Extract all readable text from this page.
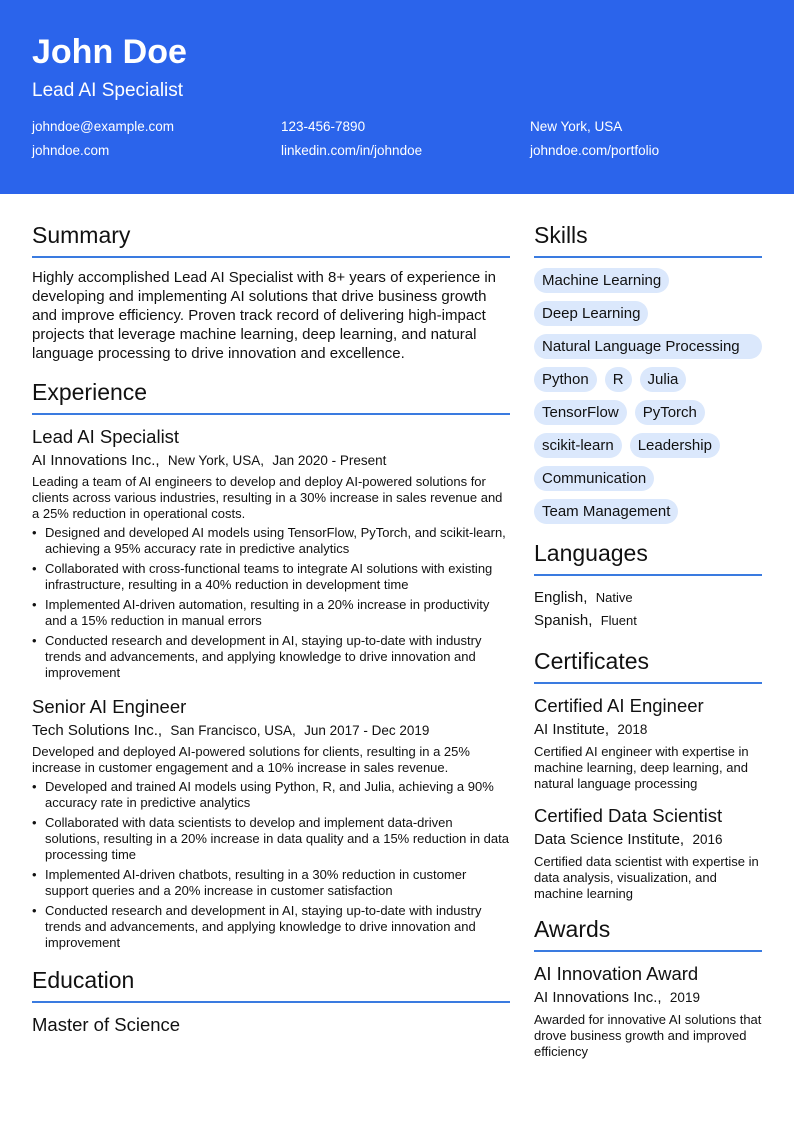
John Doe
Lead AI Specialist
johndoe@example.com	123-456-7890	New York, USA
johndoe.com	linkedin.com/in/johndoe	johndoe.com/portfolio
Summary
Highly accomplished Lead AI Specialist with 8+ years of experience in developing and implementing AI solutions that drive business growth and improve efficiency. Proven track record of delivering high-impact projects that leverage machine learning, deep learning, and natural language processing to drive innovation and excellence.
Experience
Lead AI Specialist
AI Innovations Inc., New York, USA, Jan 2020 - Present
Leading a team of AI engineers to develop and deploy AI-powered solutions for clients across various industries, resulting in a 30% increase in sales revenue and a 25% reduction in operational costs.
• Designed and developed AI models using TensorFlow, PyTorch, and scikit-learn, achieving a 95% accuracy rate in predictive analytics
• Collaborated with cross-functional teams to integrate AI solutions with existing infrastructure, resulting in a 40% reduction in development time
• Implemented AI-driven automation, resulting in a 20% increase in productivity and a 15% reduction in manual errors
• Conducted research and development in AI, staying up-to-date with industry trends and advancements, and applying knowledge to drive innovation and improvement
Senior AI Engineer
Tech Solutions Inc., San Francisco, USA, Jun 2017 - Dec 2019
Developed and deployed AI-powered solutions for clients, resulting in a 25% increase in customer engagement and a 10% increase in sales revenue.
• Developed and trained AI models using Python, R, and Julia, achieving a 90% accuracy rate in predictive analytics
• Collaborated with data scientists to develop and implement data-driven solutions, resulting in a 20% increase in data quality and a 15% reduction in data processing time
• Implemented AI-driven chatbots, resulting in a 30% reduction in customer support queries and a 20% increase in customer satisfaction
• Conducted research and development in AI, staying up-to-date with industry trends and advancements, and applying knowledge to drive innovation and improvement
Education
Master of Science
Skills
Machine Learning
Deep Learning
Natural Language Processing
Python	R	Julia
TensorFlow	PyTorch
scikit-learn	Leadership
Communication
Team Management
Languages
English, Native
Spanish, Fluent
Certificates
Certified AI Engineer
AI Institute, 2018
Certified AI engineer with expertise in machine learning, deep learning, and natural language processing
Certified Data Scientist
Data Science Institute, 2016
Certified data scientist with expertise in data analysis, visualization, and machine learning
Awards
AI Innovation Award
AI Innovations Inc., 2019
Awarded for innovative AI solutions that drove business growth and improved efficiency
